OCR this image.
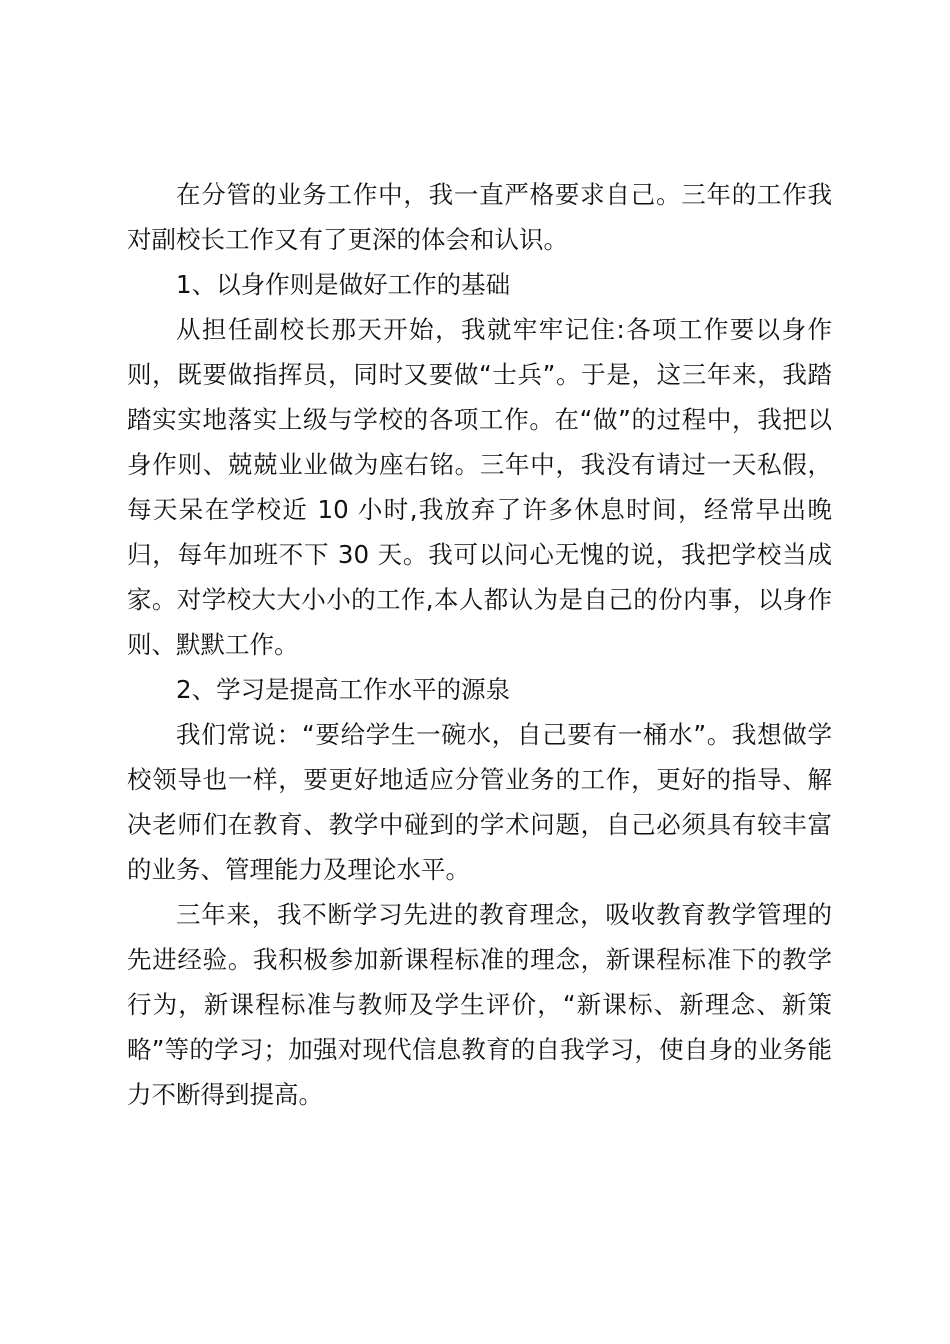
在分管的业务工作中，我一直严格要求自己。三年的工作我对副校长工作又有了更深的体会和认识。

1、以身作则是做好工作的基础

从担任副校长那天开始，我就牢牢记住:各项工作要以身作则，既要做指挥员，同时又要做“士兵”。于是，这三年来，我踏踏实实地落实上级与学校的各项工作。在“做”的过程中，我把以身作则、兢兢业业做为座右铭。三年中，我没有请过一天私假，每天呆在学校近 10 小时,我放弃了许多休息时间，经常早出晚归，每年加班不下 30 天。我可以问心无愧的说，我把学校当成家。对学校大大小小的工作,本人都认为是自己的份内事，以身作则、默默工作。

2、学习是提高工作水平的源泉

我们常说：“要给学生一碗水，自己要有一桶水”。我想做学校领导也一样，要更好地适应分管业务的工作，更好的指导、解决老师们在教育、教学中碰到的学术问题，自己必须具有较丰富的业务、管理能力及理论水平。

三年来，我不断学习先进的教育理念，吸收教育教学管理的先进经验。我积极参加新课程标准的理念，新课程标准下的教学行为，新课程标准与教师及学生评价，“新课标、新理念、新策略”等的学习；加强对现代信息教育的自我学习，使自身的业务能力不断得到提高。
